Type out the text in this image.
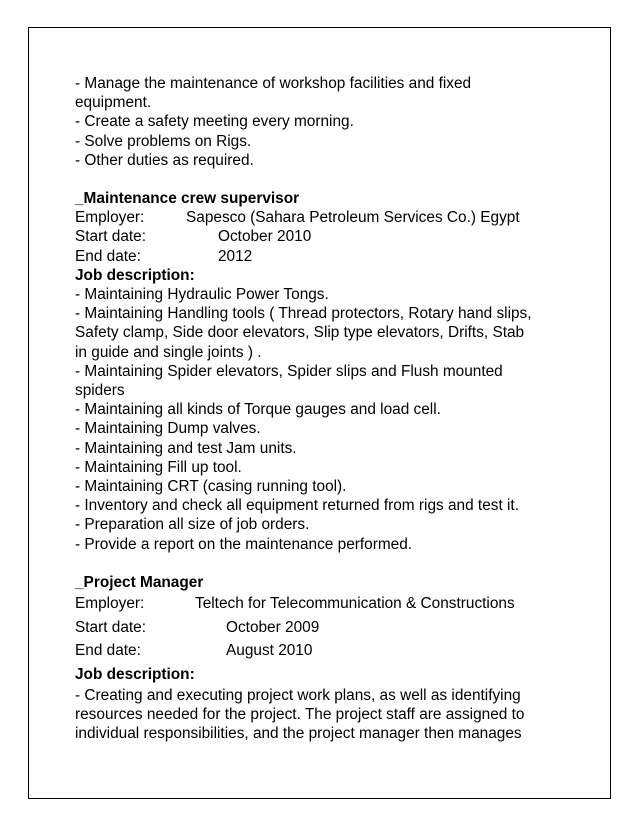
- Manage the maintenance of workshop facilities and fixed
equipment.
- Create a safety meeting every morning.
- Solve problems on Rigs.
- Other duties as required.
_Maintenance crew supervisor
Employer:	Sapesco (Sahara Petroleum Services Co.) Egypt
Start date:	October 2010
End date:	2012
Job description:
- Maintaining Hydraulic Power Tongs.
- Maintaining Handling tools ( Thread protectors, Rotary hand slips,
Safety clamp, Side door elevators, Slip type elevators, Drifts, Stab
in guide and single joints ) .
- Maintaining Spider elevators, Spider slips and Flush mounted
spiders
- Maintaining all kinds of Torque gauges and load cell.
- Maintaining Dump valves.
- Maintaining and test Jam units.
- Maintaining Fill up tool.
- Maintaining CRT (casing running tool).
- Inventory and check all equipment returned from rigs and test it.
- Preparation all size of job orders.
- Provide a report on the maintenance performed.
_Project Manager
Employer:	Teltech for Telecommunication & Constructions
Start date:	October 2009
End date:	August 2010
Job description:
- Creating and executing project work plans, as well as identifying
resources needed for the project. The project staff are assigned to
individual responsibilities, and the project manager then manages
